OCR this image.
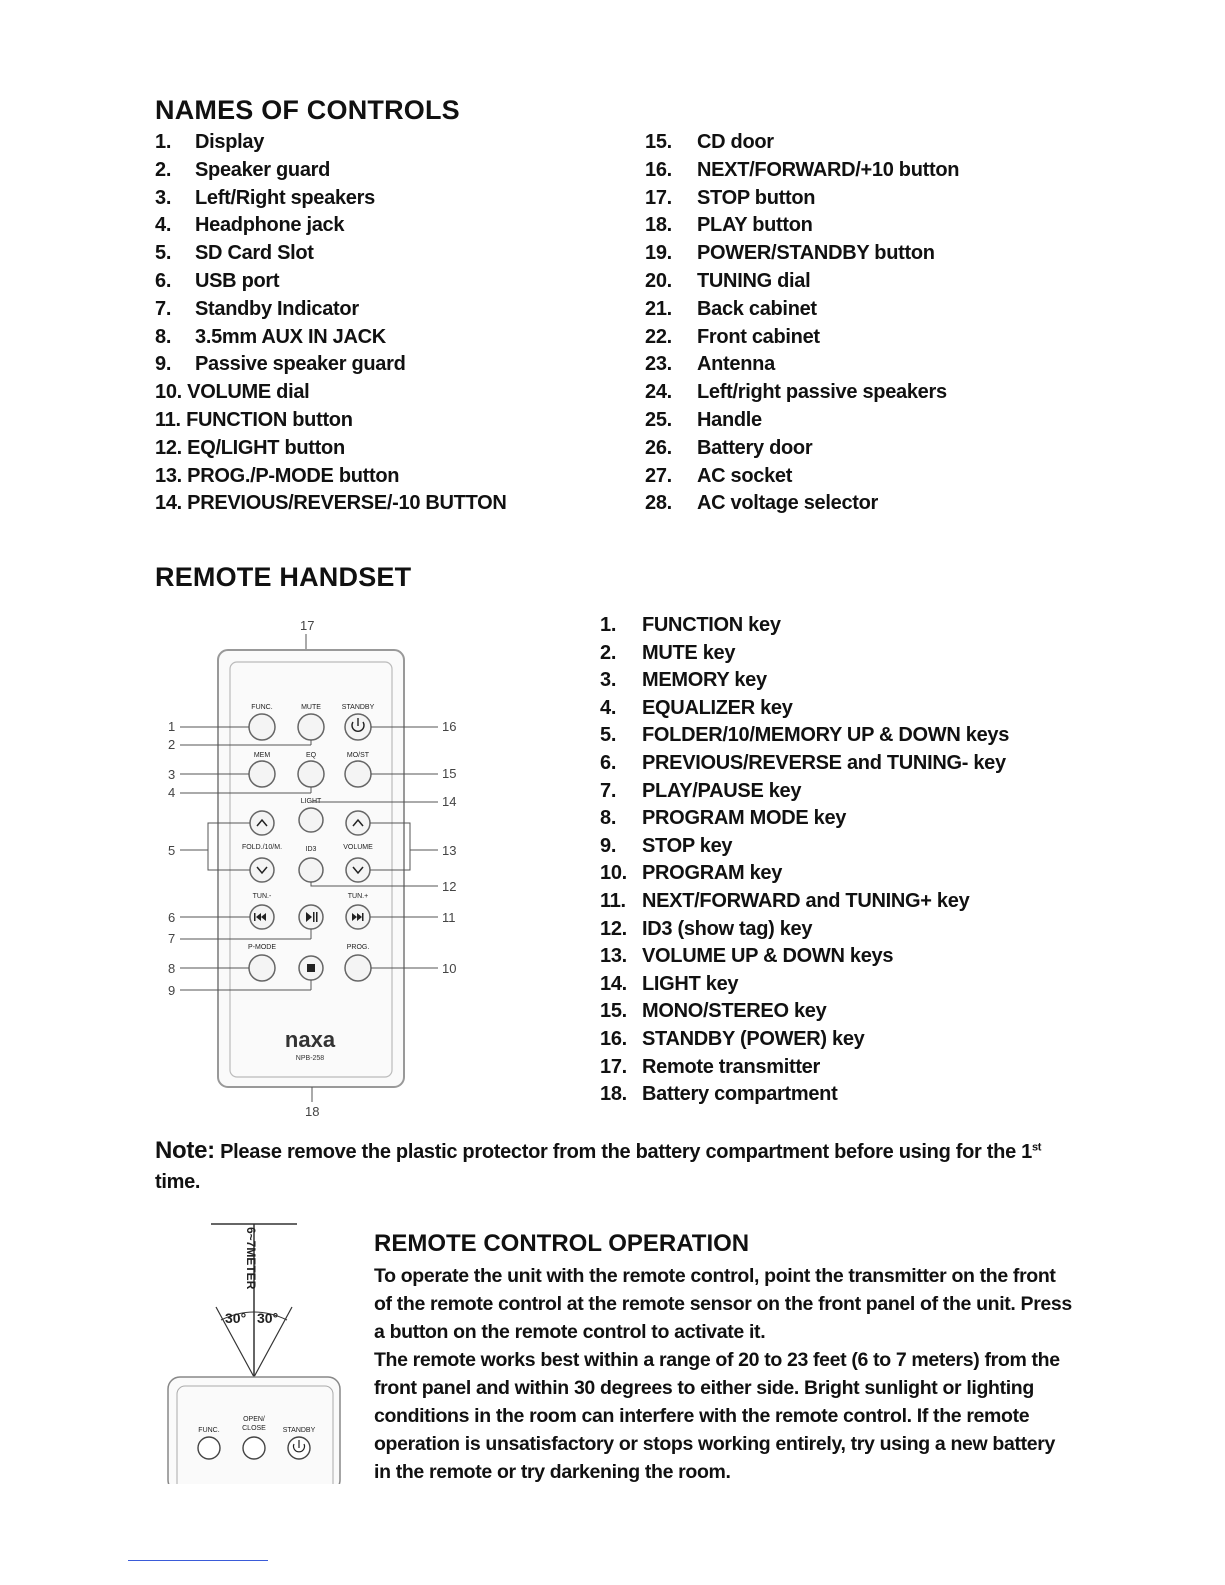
NAMES OF CONTROLS
1. Display
2. Speaker guard
3. Left/Right speakers
4. Headphone jack
5. SD Card Slot
6. USB port
7. Standby Indicator
8. 3.5mm AUX IN JACK
9. Passive speaker guard
10. VOLUME dial
11. FUNCTION button
12. EQ/LIGHT button
13. PROG./P-MODE button
14. PREVIOUS/REVERSE/-10 BUTTON
15. CD door
16. NEXT/FORWARD/+10 button
17. STOP button
18. PLAY button
19. POWER/STANDBY button
20. TUNING dial
21. Back cabinet
22. Front cabinet
23. Antenna
24. Left/right passive speakers
25. Handle
26. Battery door
27. AC socket
28. AC voltage selector
REMOTE HANDSET
17
FUNC.	MUTE	STANDBY
MEM	EQ	MO/ST
LIGHT
FOLD./10/M.	ID3	VOLUME
TUN.-	TUN.+
P-MODE	PROG.
naxa
NPB-258
1
2
3
4
5
6
7
8
9
16
15
14
13
12
11
10
18
1. FUNCTION key
2. MUTE key
3. MEMORY key
4. EQUALIZER key
5. FOLDER/10/MEMORY UP & DOWN keys
6. PREVIOUS/REVERSE and TUNING- key
7. PLAY/PAUSE key
8. PROGRAM MODE key
9. STOP key
10. PROGRAM key
11. NEXT/FORWARD and TUNING+ key
12. ID3 (show tag) key
13. VOLUME UP & DOWN keys
14. LIGHT key
15. MONO/STEREO key
16. STANDBY (POWER) key
17. Remote transmitter
18. Battery compartment
Note: Please remove the plastic protector from the battery compartment before using for the 1st
time.
6~7METER
30° 30°
FUNC.
OPEN/
CLOSE STANDBY
REMOTE CONTROL OPERATION

To operate the unit with the remote control, point the transmitter on the front of the remote control at the remote sensor on the front panel of the unit. Press a button on the remote control to activate it.

The remote works best within a range of 20 to 23 feet (6 to 7 meters) from the front panel and within 30 degrees to either side. Bright sunlight or lighting conditions in the room can interfere with the remote control. If the remote operation is unsatisfactory or stops working entirely, try using a new battery in the remote or try darkening the room.
